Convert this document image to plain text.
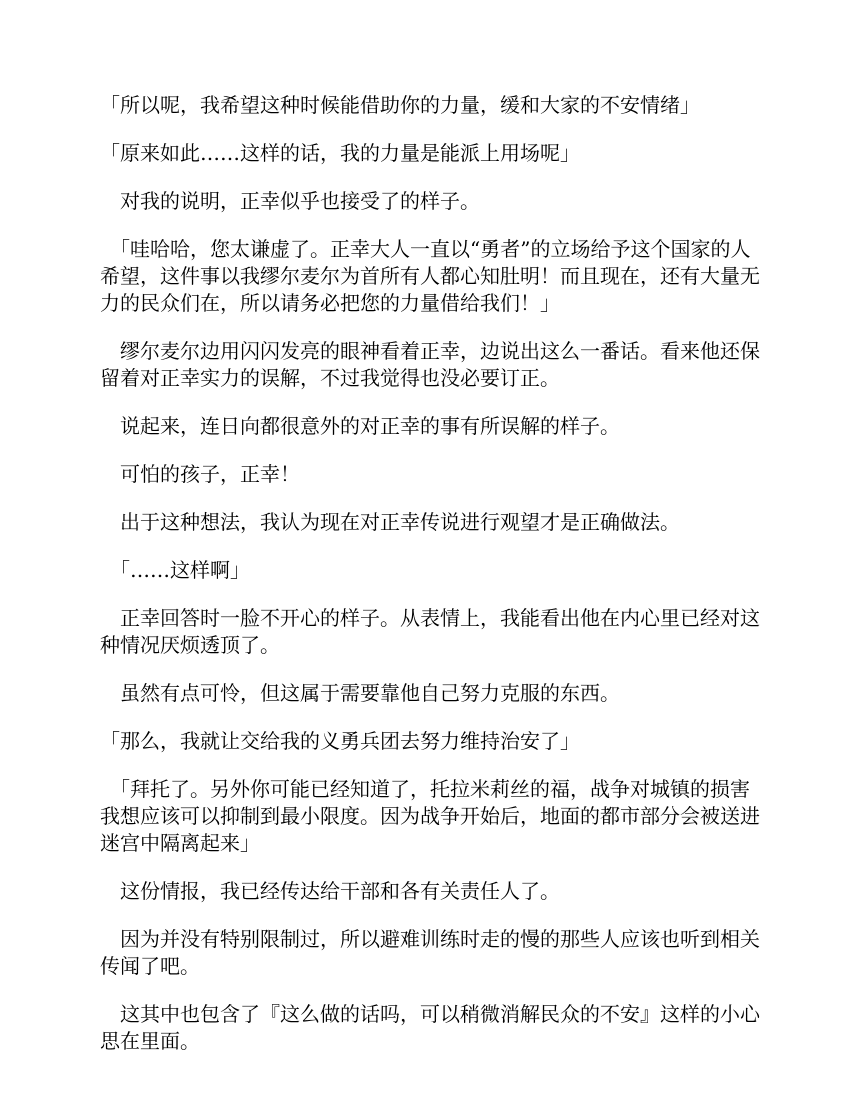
「所以呢，我希望这种时候能借助你的力量，缓和大家的不安情绪」

「原来如此……这样的话，我的力量是能派上用场呢」

　对我的说明，正幸似乎也接受了的样子。

　「哇哈哈，您太谦虚了。正幸大人一直以“勇者”的立场给予这个国家的人希望，这件事以我缪尔麦尔为首所有人都心知肚明！而且现在，还有大量无力的民众们在，所以请务必把您的力量借给我们！」

　缪尔麦尔边用闪闪发亮的眼神看着正幸，边说出这么一番话。看来他还保留着对正幸实力的误解，不过我觉得也没必要订正。

　说起来，连日向都很意外的对正幸的事有所误解的样子。

　可怕的孩子，正幸！

　出于这种想法，我认为现在对正幸传说进行观望才是正确做法。

　「……这样啊」

　正幸回答时一脸不开心的样子。从表情上，我能看出他在内心里已经对这种情况厌烦透顶了。

　虽然有点可怜，但这属于需要靠他自己努力克服的东西。

「那么，我就让交给我的义勇兵团去努力维持治安了」

　「拜托了。另外你可能已经知道了，托拉米莉丝的福，战争对城镇的损害我想应该可以抑制到最小限度。因为战争开始后，地面的都市部分会被送进迷宫中隔离起来」

　这份情报，我已经传达给干部和各有关责任人了。

　因为并没有特别限制过，所以避难训练时走的慢的那些人应该也听到相关传闻了吧。

　这其中也包含了『这么做的话吗，可以稍微消解民众的不安』这样的小心思在里面。
